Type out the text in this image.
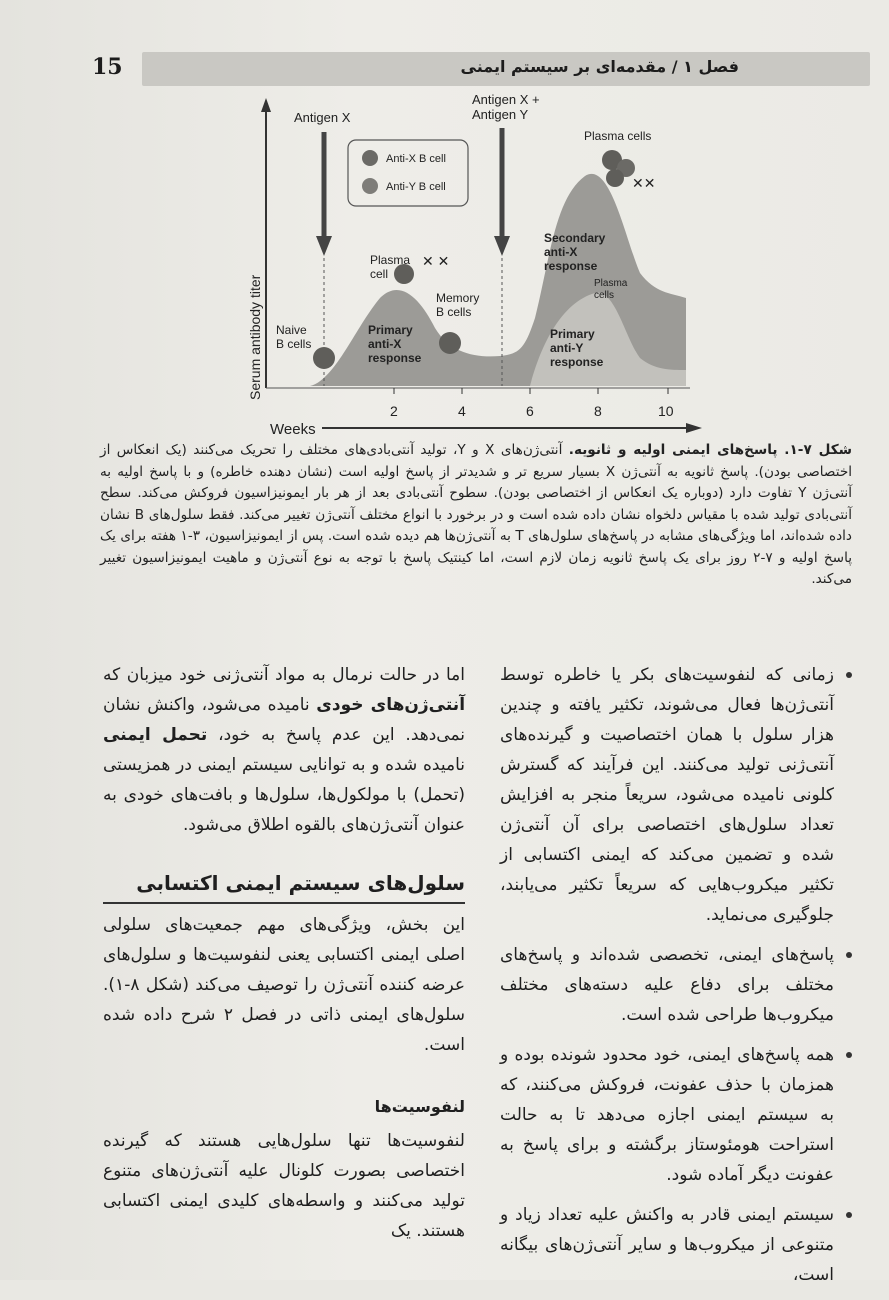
فصل ۱ / مقدمه‌ای بر سیستم ایمنی
15
2	4	6	8	10
Weeks
Serum antibody titer
Antigen X
Antigen X +
Antigen Y
Anti-X B cell
Anti-Y B cell
Naive
B cells
Plasma
cell
✕ ✕
Memory
B cells
Primary
anti-X
response
Plasma cells
✕✕
Secondary
anti-X
response
Plasma
cells
Primary
anti-Y
response
شکل ۷-۱. پاسخ‌های ایمنی اولیه و ثانویه. آنتی‌ژن‌های X و Y، تولید آنتی‌بادی‌های مختلف را تحریک می‌کنند (یک انعکاس از اختصاصی بودن). پاسخ ثانویه به آنتی‌ژن X بسیار سریع تر و شدیدتر از پاسخ اولیه است (نشان دهنده خاطره) و با پاسخ اولیه به آنتی‌ژن Y تفاوت دارد (دوباره یک انعکاس از اختصاصی بودن). سطوح آنتی‌بادی بعد از هر بار ایمونیزاسیون فروکش می‌کند. سطح آنتی‌بادی تولید شده با مقیاس دلخواه نشان داده شده است و در برخورد با انواع مختلف آنتی‌ژن تغییر می‌کند. فقط سلول‌های B نشان داده شده‌اند، اما ویژگی‌های مشابه در پاسخ‌های سلول‌های T به آنتی‌ژن‌ها هم دیده شده است. پس از ایمونیزاسیون، ۳-۱ هفته برای یک پاسخ اولیه و ۷-۲ روز برای یک پاسخ ثانویه زمان لازم است، اما کینتیک پاسخ با توجه به نوع آنتی‌ژن و ماهیت ایمونیزاسیون تغییر می‌کند.

زمانی که لنفوسیت‌های بکر یا خاطره توسط آنتی‌ژن‌ها فعال می‌شوند، تکثیر یافته و چندین هزار سلول با همان اختصاصیت و گیرنده‌های آنتی‌ژنی تولید می‌کنند. این فرآیند که گسترش کلونی نامیده می‌شود، سریعاً منجر به افزایش تعداد سلول‌های اختصاصی برای آن آنتی‌ژن شده و تضمین می‌کند که ایمنی اکتسابی از تکثیر میکروب‌هایی که سریعاً تکثیر می‌یابند، جلوگیری می‌نماید.

پاسخ‌های ایمنی، تخصصی شده‌اند و پاسخ‌های مختلف برای دفاع علیه دسته‌های مختلف میکروب‌ها طراحی شده است.

همه پاسخ‌های ایمنی، خود محدود شونده بوده و همزمان با حذف عفونت، فروکش می‌کنند، که به سیستم ایمنی اجازه می‌دهد تا به حالت استراحت هومئوستاز برگشته و برای پاسخ به عفونت دیگر آماده شود.

سیستم ایمنی قادر به واکنش علیه تعداد زیاد و متنوعی از میکروب‌ها و سایر آنتی‌ژن‌های بیگانه است،

اما در حالت نرمال به مواد آنتی‌ژنی خود میزبان که آنتی‌ژن‌های خودی نامیده می‌شود، واکنش نشان نمی‌دهد. این عدم پاسخ به خود، تحمل ایمنی نامیده شده و به توانایی سیستم ایمنی در همزیستی (تحمل) با مولکول‌ها، سلول‌ها و بافت‌های خودی به عنوان آنتی‌ژن‌های بالقوه اطلاق می‌شود.

سلول‌های سیستم ایمنی اکتسابی

این بخش، ویژگی‌های مهم جمعیت‌های سلولی اصلی ایمنی اکتسابی یعنی لنفوسیت‌ها و سلول‌های عرضه کننده آنتی‌ژن را توصیف می‌کند (شکل ۸-۱). سلول‌های ایمنی ذاتی در فصل ۲ شرح داده شده است.

لنفوسیت‌ها

لنفوسیت‌ها تنها سلول‌هایی هستند که گیرنده اختصاصی بصورت کلونال علیه آنتی‌ژن‌های متنوع تولید می‌کنند و واسطه‌های کلیدی ایمنی اکتسابی هستند. یک
